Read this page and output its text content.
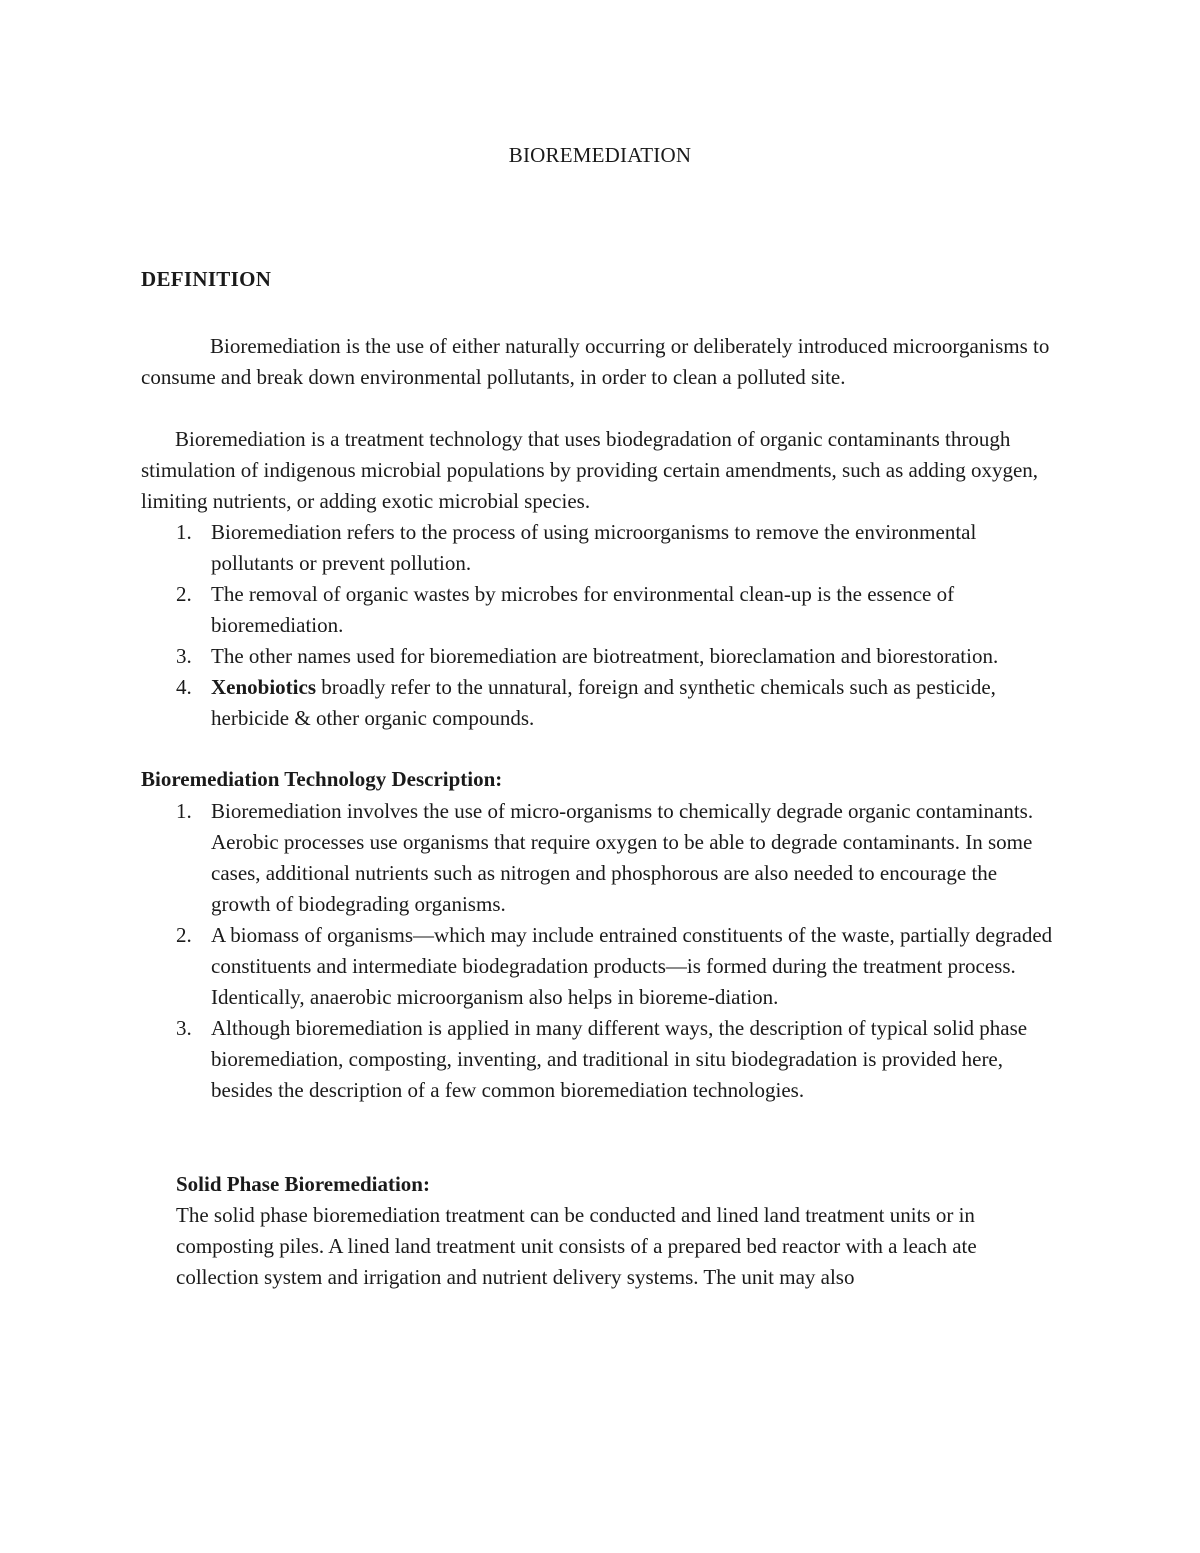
BIOREMEDIATION
DEFINITION
Bioremediation is the use of either naturally occurring or deliberately introduced microorganisms to consume and break down environmental pollutants, in order to clean a polluted site.
Bioremediation is a treatment technology that uses biodegradation of organic contaminants through stimulation of indigenous microbial populations by providing certain amendments, such as adding oxygen, limiting nutrients, or adding exotic microbial species.
1. Bioremediation refers to the process of using microorganisms to remove the environmental pollutants or prevent pollution.
2. The removal of organic wastes by microbes for environmental clean-up is the essence of bioremediation.
3. The other names used for bioremediation are biotreatment, bioreclamation and biorestoration.
4. Xenobiotics broadly refer to the unnatural, foreign and synthetic chemicals such as pesticide, herbicide & other organic compounds.
Bioremediation Technology Description:
1. Bioremediation involves the use of micro-organisms to chemically degrade organic contaminants. Aerobic processes use organisms that require oxygen to be able to degrade contaminants. In some cases, additional nutrients such as nitrogen and phosphorous are also needed to encourage the growth of biodegrading organisms.
2. A biomass of organisms—which may include entrained constituents of the waste, partially degraded constituents and intermediate biodegradation products—is formed during the treatment process. Identically, anaerobic microorganism also helps in bioreme-diation.
3. Although bioremediation is applied in many different ways, the description of typical solid phase bioremediation, composting, inventing, and traditional in situ biodegradation is provided here, besides the description of a few common bioremediation technologies.
Solid Phase Bioremediation:
The solid phase bioremediation treatment can be conducted and lined land treatment units or in composting piles. A lined land treatment unit consists of a prepared bed reactor with a leach ate collection system and irrigation and nutrient delivery systems. The unit may also
